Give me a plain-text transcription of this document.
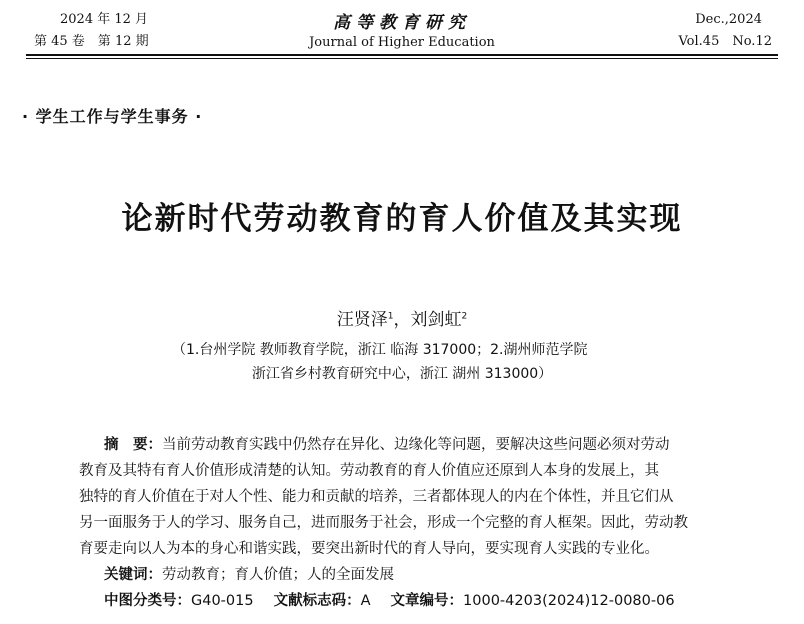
2024 年 12 月
第 45 卷　第 12 期
高等教育研究
Journal of Higher Education
Dec.,2024
Vol.45　No.12
· 学生工作与学生事务 ·
论新时代劳动教育的育人价值及其实现
汪贤泽$^1$，刘剑虹$^2$
（1.台州学院 教师教育学院，浙江 临海 317000；2.湖州师范学院
浙江省乡村教育研究中心，浙江 湖州 313000）
摘　要：当前劳动教育实践中仍然存在异化、边缘化等问题，要解决这些问题必须对劳动
教育及其特有育人价值形成清楚的认知。劳动教育的育人价值应还原到人本身的发展上，其
独特的育人价值在于对人个性、能力和贡献的培养，三者都体现人的内在个体性，并且它们从
另一面服务于人的学习、服务自己，进而服务于社会，形成一个完整的育人框架。因此，劳动教
育要走向以人为本的身心和谐实践，要突出新时代的育人导向，要实现育人实践的专业化。
关键词：劳动教育；育人价值；人的全面发展
中图分类号：G40-015 文献标志码：A 文章编号：1000-4203(2024)12-0080-06
